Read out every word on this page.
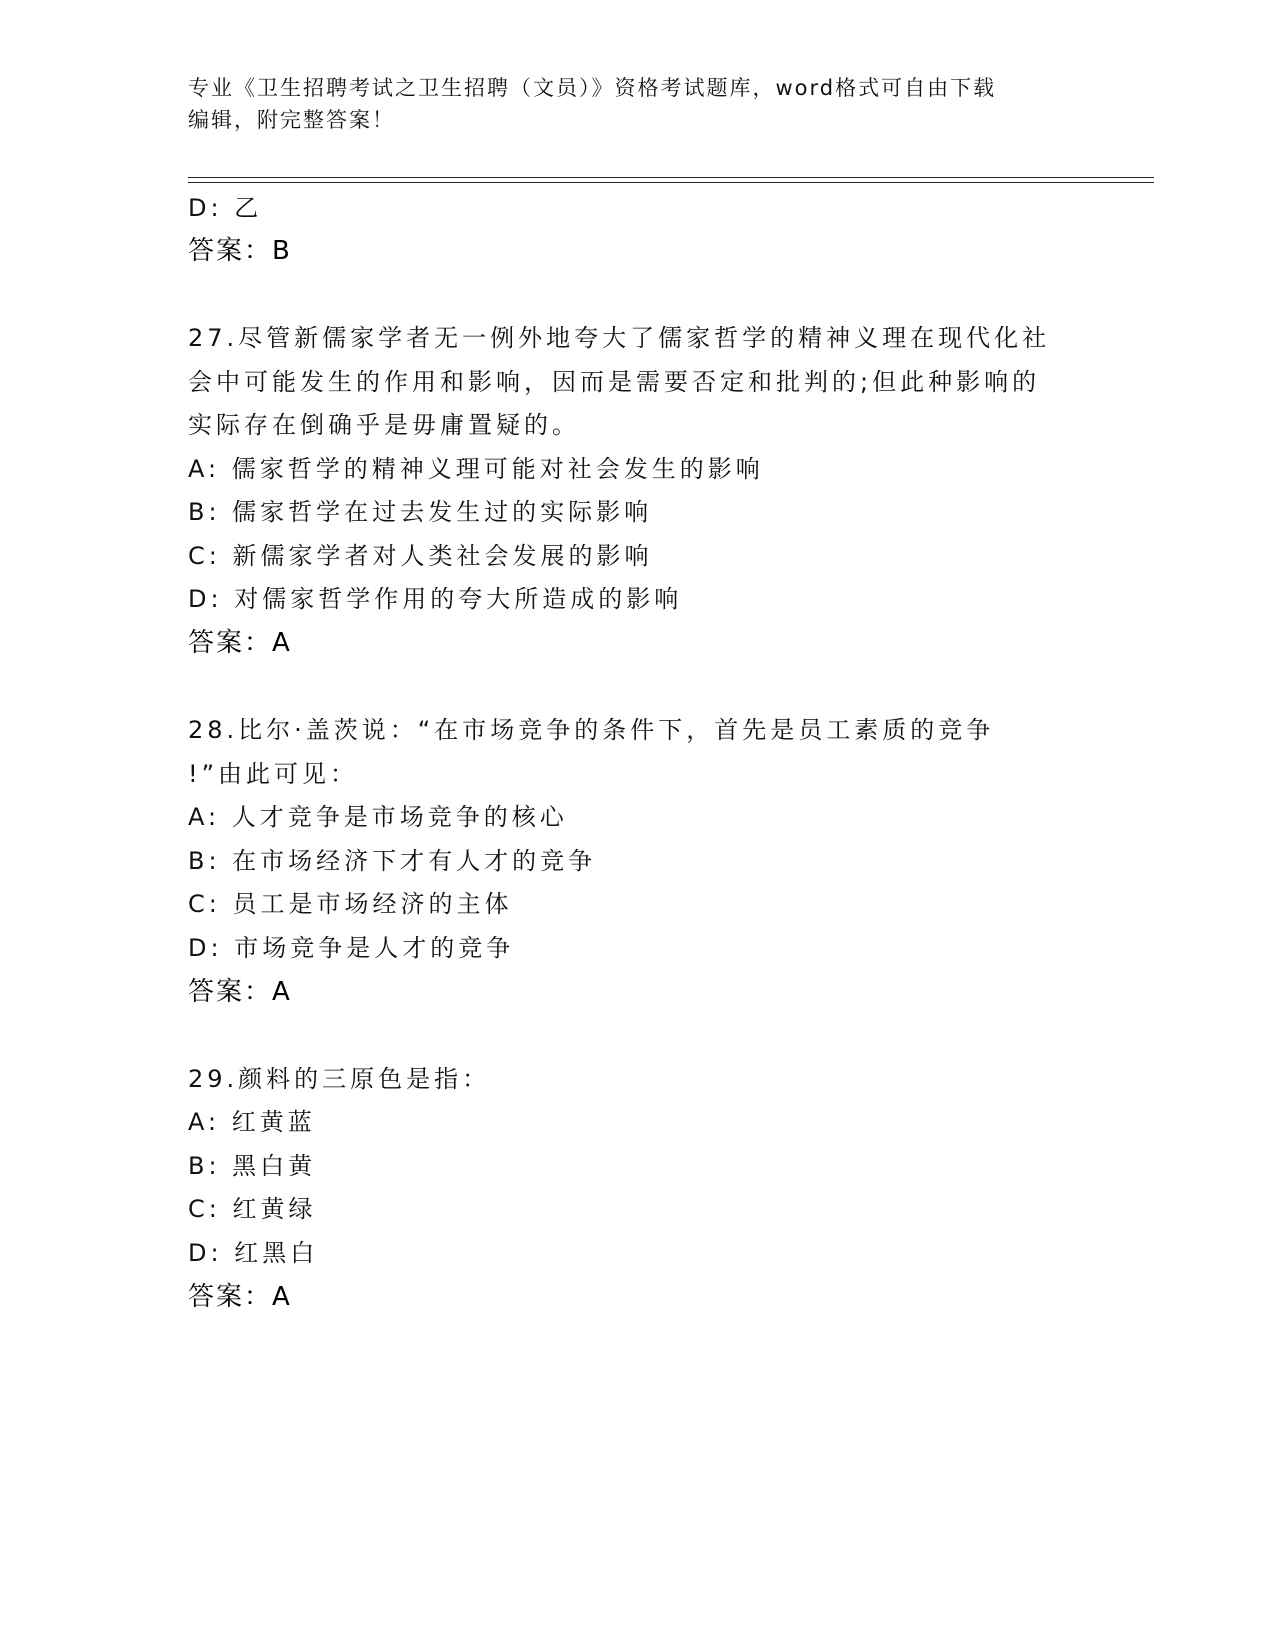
专业《卫生招聘考试之卫生招聘（文员）》资格考试题库，word格式可自由下载
编辑，附完整答案！
D: 乙
答案：B
27.尽管新儒家学者无一例外地夸大了儒家哲学的精神义理在现代化社
会中可能发生的作用和影响，因而是需要否定和批判的;但此种影响的
实际存在倒确乎是毋庸置疑的。
A: 儒家哲学的精神义理可能对社会发生的影响
B: 儒家哲学在过去发生过的实际影响
C: 新儒家学者对人类社会发展的影响
D: 对儒家哲学作用的夸大所造成的影响
答案：A
28.比尔·盖茨说：“在市场竞争的条件下，首先是员工素质的竞争
!”由此可见：
A: 人才竞争是市场竞争的核心
B: 在市场经济下才有人才的竞争
C: 员工是市场经济的主体
D: 市场竞争是人才的竞争
答案：A
29.颜料的三原色是指：
A: 红黄蓝
B: 黑白黄
C: 红黄绿
D: 红黑白
答案：A
